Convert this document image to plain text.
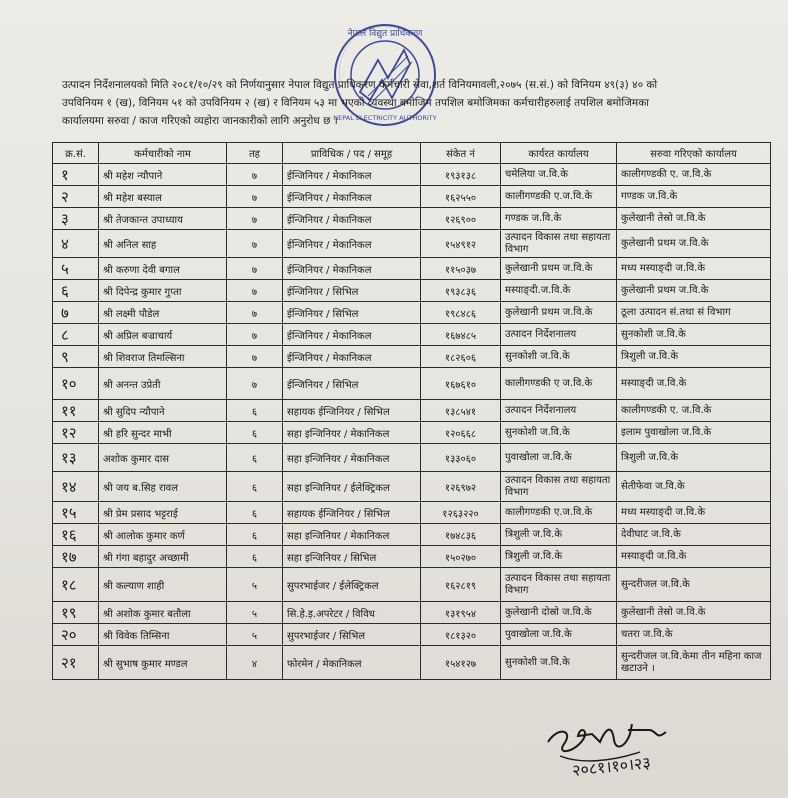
नेपाल विद्युत प्राधिकरण
NEPAL ELECTRICITY AUTHORITY
उत्पादन निर्देशनालयको मिति २०८१/१०/२९ को निर्णयानुसार नेपाल विद्युत प्राधिकरण कर्मचारी सेवा,शर्त विनियमावली,२०७५ (स.सं.) को विनियम ४९(३) ४० को
उपविनियम १ (ख), विनियम ५१ को उपविनियम २ (ख) र विनियम ५३ मा भएको व्यवस्था बमोजिम तपशिल बमोजिमका कर्मचारीहरुलाई तपशिल बमोजिमका
कार्यालयमा सरुवा / काज गरिएको व्यहोरा जानकारीको लागि अनुरोध छ ।
क्र.सं.	कर्मचारीको नाम	तह	प्राविधिक / पद / समूह	संकेत नं	कार्यरत कार्यालय	सरुवा गरिएको कार्यालय
१	श्री महेश न्यौपाने	७	ईन्जिनियर / मेकानिकल	१९३१३८	चमेलिया ज.वि.के	कालीगण्डकी ए. ज.वि.के
२	श्री महेश बस्याल	७	ईन्जिनियर / मेकानिकल	१६२५५०	कालीगण्डकी ए.ज.वि.के	गण्डक ज.वि.के
३	श्री तेजकान्त उपाध्याय	७	ईन्जिनियर / मेकानिकल	१२६९००	गण्डक ज.वि.के	कुलेखानी तेस्रो ज.वि.के
४	श्री अनिल साह	७	ईन्जिनियर / मेकानिकल	१५४९१२	उत्पादन विकास तथा सहायता विभाग	कुलेखानी प्रथम ज.वि.के
५	श्री करुणा देवी बगाल	७	ईन्जिनियर / मेकानिकल	११५०३७	कुलेखानी प्रथम ज.वि.के	मध्य मस्याङ्दी ज.वि.के
६	श्री दिपेन्द्र कुमार गुप्ता	७	ईन्जिनियर / सिभिल	१९३८३६	मस्याङ्दी.ज.वि.के	कुलेखानी प्रथम ज.वि.के
७	श्री लक्ष्मी पौडेल	७	ईन्जिनियर / सिभिल	१९८४८६	कुलेखानी प्रथम ज.वि.के	ठूला उत्पादन सं.तथा सं विभाग
८	श्री अप्रिल बज्राचार्य	७	ईन्जिनियर / मेकानिकल	१६७४८५	उत्पादन निर्देशनालय	सुनकोशी ज.वि.के
९	श्री शिवराज तिमल्सिना	७	ईन्जिनियर / मेकानिकल	१८२६०६	सुनकोशी ज.वि.के	त्रिशुली ज.वि.के
१०	श्री अनन्त उप्रेती	७	ईन्जिनियर / सिभिल	१६७६१०	कालीगण्डकी ए ज.वि.के	मस्याङ्दी ज.वि.के
११	श्री सुदिप न्यौपाने	६	सहायक ईन्जिनियर / सिभिल	१३८५४१	उत्पादन निर्देशनालय	कालीगण्डकी ए. ज.वि.के
१२	श्री हरि सुन्दर माभी	६	सहा इन्जिनियर / मेकानिकल	१२०६६८	सुनकोशी ज.वि.के	इलाम पुवाखोला ज.वि.के
१३	अशोक कुमार दास	६	सहा इन्जिनियर / मेकानिकल	१३३०६०	पुवाखोला ज.वि.के	त्रिशुली ज.वि.के
१४	श्री जय ब.सिह रावल	६	सहा इन्जिनियर / ईलेक्ट्रिकल	१२६९७२	उत्पादन विकास तथा सहायता विभाग	सेतीफेवा ज.वि.के
१५	श्री प्रेम प्रसाद भट्टराई	६	सहायक ईन्जिनियर / सिभिल	१२६३२२०	कालीगण्डकी ए.ज.वि.के	मध्य मस्याङ्दी ज.वि.के
१६	श्री आलोक कुमार कर्ण	६	सहा इन्जिनियर / मेकानिकल	१७४८३६	त्रिशुली ज.वि.के	देवीघाट ज.वि.के
१७	श्री गंगा बहादुर अच्छामी	६	सहा इन्जिनियर / सिभिल	१५०२७०	त्रिशुली ज.वि.के	मस्याङ्दी ज.वि.के
१८	श्री कल्याण शाही	५	सुपरभाईजर / ईलेक्ट्रिकल	१६२८१९	उत्पादन विकास तथा सहायता विभाग	सुन्दरीजल ज.वि.के
१९	श्री अशोक कुमार बतौला	५	सि.हे.इ.अपरेटर / विविध	१३१९५४	कुलेखानी दोस्रो ज.वि.के	कुलेखानी तेस्रो ज.वि.के
२०	श्री विवेक तिम्सिना	५	सुपरभाईजर / सिभिल	१८१३२०	पुवाखोला ज.वि.के	चतरा ज.वि.के
२१	श्री सुभाष कुमार मण्डल	४	फोरमेन / मेकानिकल	१५४१२७	सुनकोशी ज.वि.के	सुन्दरीजल ज.वि.केमा तीन महिना काज खटाउने ।
२०८१।१०।२३
